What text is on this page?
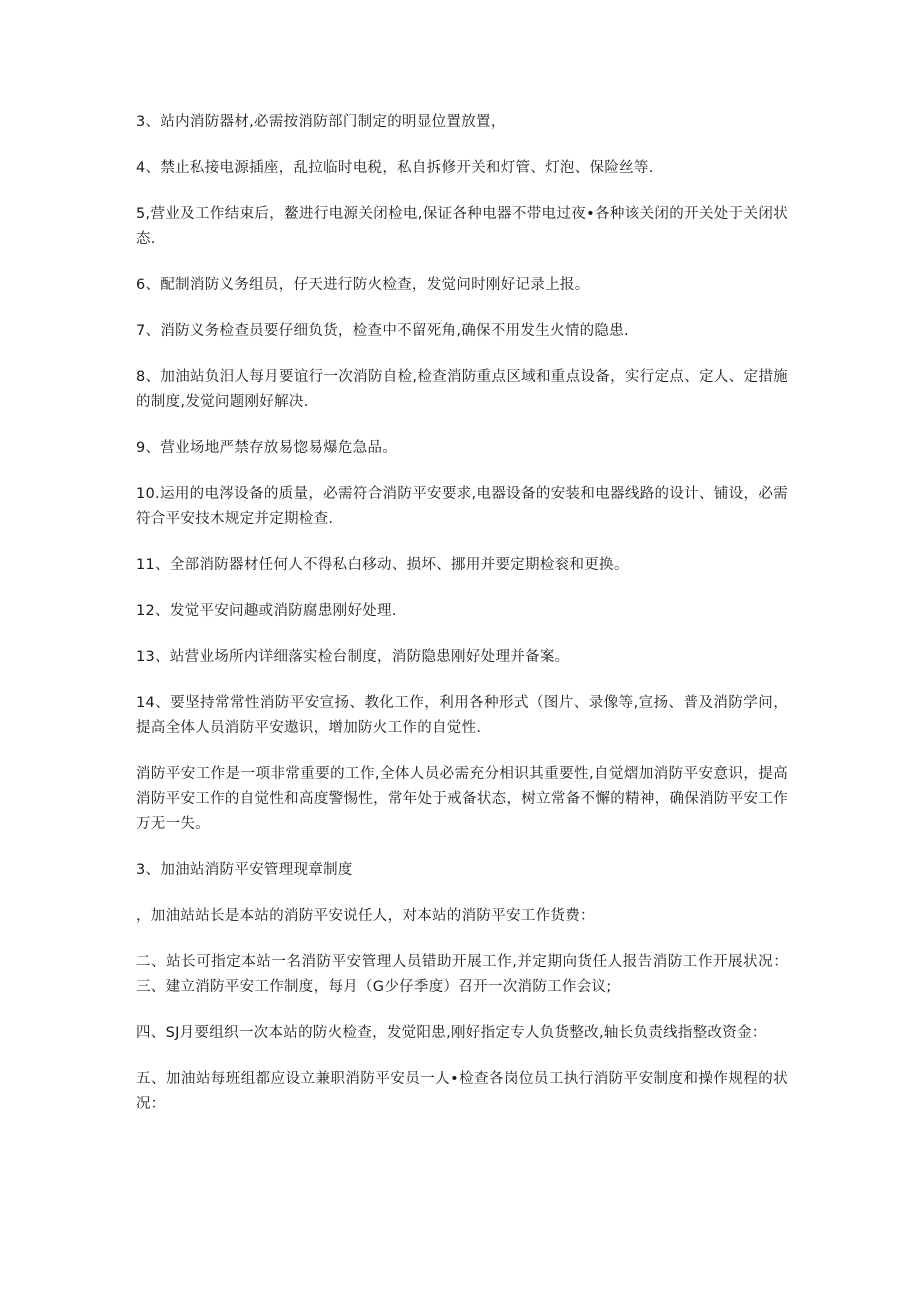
3、站内消防器材,必需按消防部门制定的明显位置放置，

4、禁止私接电源插座，乱拉临时电税，私自拆修开关和灯管、灯泡、保险丝等.

5,营业及工作结束后，鳌进行电源关闭检电,保证各种电器不带电过夜•各种该关闭的开关处于关闭状态.

6、配制消防义务组员，仔天进行防火检查，发觉问时刚好记录上报。

7、消防义务检查员要仔细负货，检查中不留死角,确保不用发生火情的隐患.

8、加油站负汨人每月要谊行一次消防自检,检查消防重点区域和重点设备，实行定点、定人、定措施的制度,发觉问题刚好解决.

9、营业场地严禁存放易惚易爆危急品。

10.运用的电涔设备的质量，必需符合消防平安要求,电器设备的安装和电器线路的设计、铺设，必需符合平安技木规定并定期检查.

11、全部消防器材任何人不得私白移动、损坏、挪用并要定期检衮和更换。

12、发觉平安问趣或消防腐患刚好处理.

13、站营业场所内详细落实检台制度，消防隐患刚好处理并备案。

14、要坚持常常性消防平安宣扬、教化工作，利用各种形式（图片、录像等,宣扬、普及消防学问，提高全体人员消防平安遨识，增加防火工作的自觉性.

消防平安工作是一项非常重要的工作,全体人员必需充分相识其重要性,自觉熠加消防平安意识，提高消防平安工作的自觉性和高度警惕性，常年处于戒备状态，树立常备不懈的精神，确保消防平安工作万无一失。

3、加油站消防平安管理现章制度

，加油站站长是本站的消防平安说任人，对本站的消防平安工作货费：

二、站长可指定本站一名消防平安管理人员错助开展工作,并定期向货任人报告消防工作开展状况：三、建立消防平安工作制度，每月（G少仔季度）召开一次消防工作会议;

四、SJ月要组织一次本站的防火检查，发觉阳患,刚好指定专人负货整改,轴长负责线指整改资金：

五、加油站每班组都应设立兼职消防平安员一人•检查各岗位员工执行消防平安制度和操作规程的状况：
